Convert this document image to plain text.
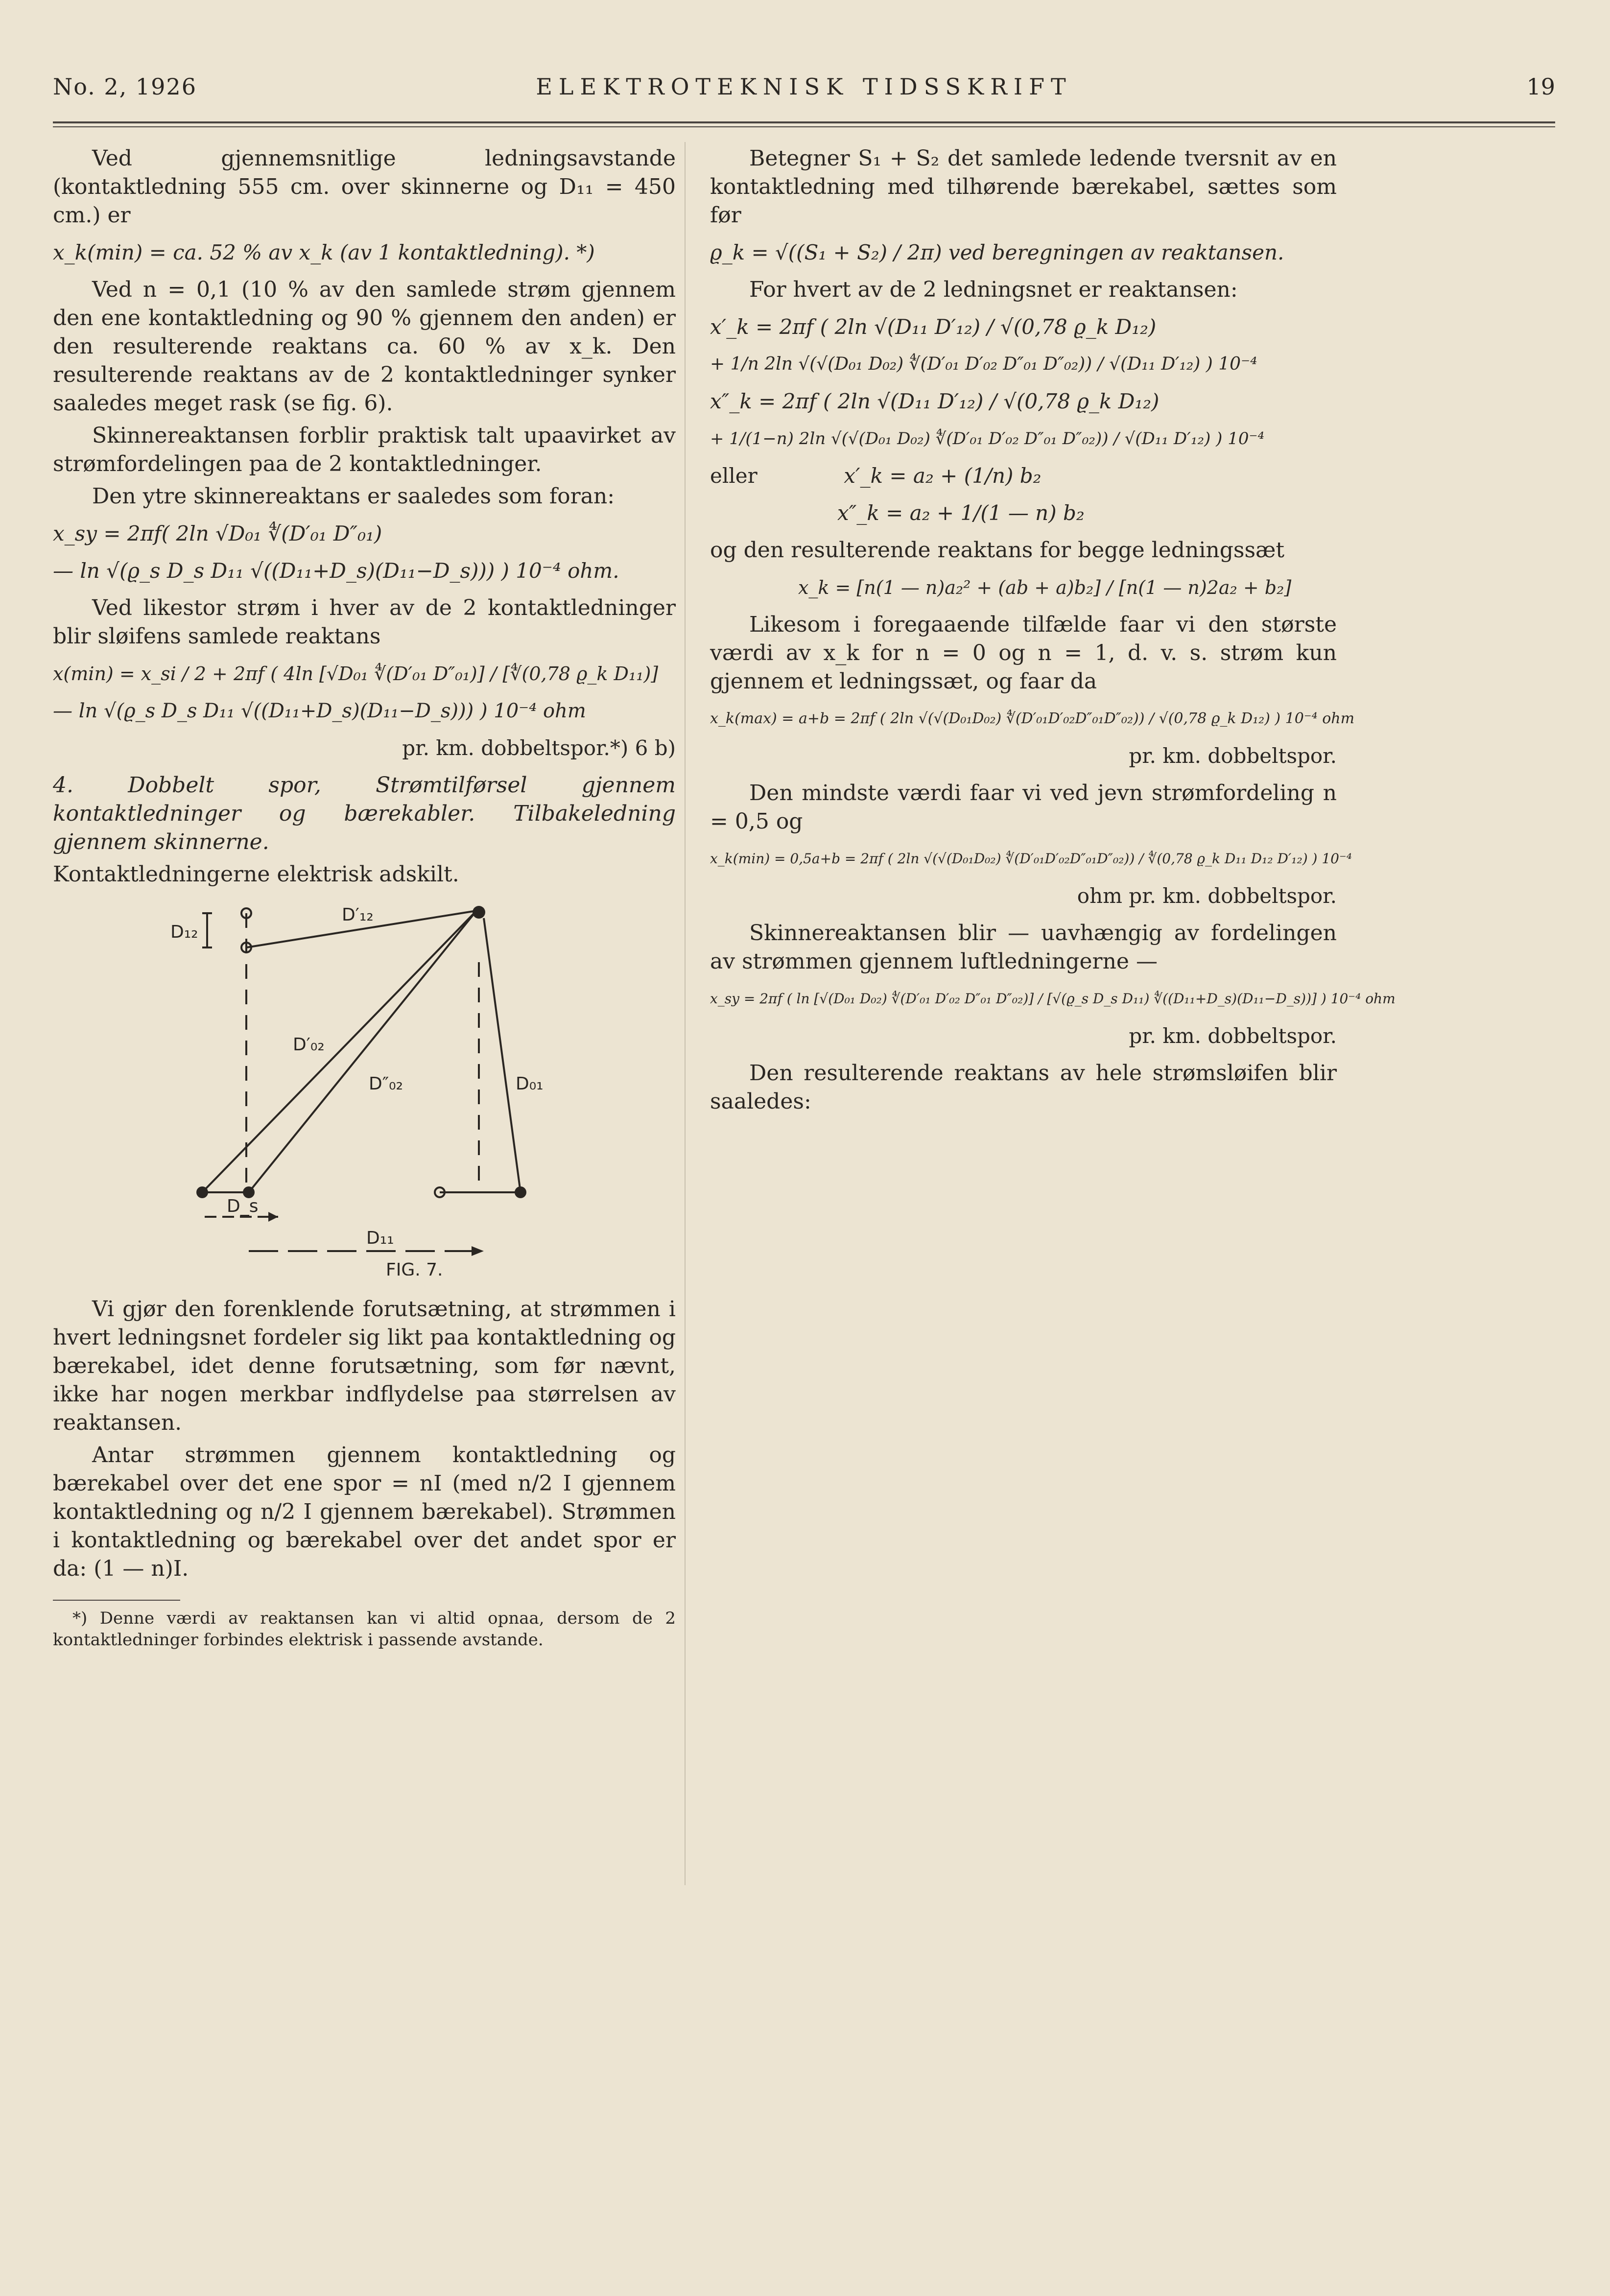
No. 2, 1926	ELEKTROTEKNISK TIDSSKRIFT	19

Ved gjennemsnitlige ledningsavstande (kontaktledning 555 cm. over skinnerne og D₁₁ = 450 cm.) er

x_k(min) = ca. 52 % av x_k (av 1 kontaktledning). *)

Ved n = 0,1 (10 % av den samlede strøm gjennem den ene kontaktledning og 90 % gjennem den anden) er den resulterende reaktans ca. 60 % av x_k. Den resulterende reaktans av de 2 kontaktledninger synker saaledes meget rask (se fig. 6).

Skinnereaktansen forblir praktisk talt upaavirket av strømfordelingen paa de 2 kontaktledninger.

Den ytre skinnereaktans er saaledes som foran:

x_sy = 2πf( 2ln √D₀₁ ∜(D′₀₁ D″₀₁)
— ln √(ϱ_s D_s D₁₁ √((D₁₁+D_s)(D₁₁−D_s))) ) 10⁻⁴ ohm.

Ved likestor strøm i hver av de 2 kontaktledninger blir sløifens samlede reaktans

x(min) = x_si / 2 + 2πf ( 4ln [√D₀₁ ∜(D′₀₁ D″₀₁)] / [∜(0,78 ϱ_k D₁₁)]
— ln √(ϱ_s D_s D₁₁ √((D₁₁+D_s)(D₁₁−D_s))) ) 10⁻⁴ ohm
pr. km. dobbeltspor.*) 6 b)

4. Dobbelt spor, Strømtilførsel gjennem kontaktledninger og bærekabler. Tilbakeledning gjennem skinnerne.

Kontaktledningerne elektrisk adskilt.

D₁₂
D′₁₂
D′₀₂
D″₀₂	D₀₁
D_s
D₁₁
FIG. 7.

Vi gjør den forenklende forutsætning, at strømmen i hvert ledningsnet fordeler sig likt paa kontaktledning og bærekabel, idet denne forutsætning, som før nævnt, ikke har nogen merkbar indflydelse paa størrelsen av reaktansen.

Antar strømmen gjennem kontaktledning og bærekabel over det ene spor = nI (med n/2 I gjennem kontaktledning og n/2 I gjennem bærekabel). Strømmen i kontaktledning og bærekabel over det andet spor er da: (1 — n)I.

*) Denne værdi av reaktansen kan vi altid opnaa, dersom de 2 kontaktledninger forbindes elektrisk i passende avstande.

Betegner S₁ + S₂ det samlede ledende tversnit av en kontaktledning med tilhørende bærekabel, sættes som før

ϱ_k = √((S₁ + S₂) / 2π) ved beregningen av reaktansen.

For hvert av de 2 ledningsnet er reaktansen:

x′_k = 2πf ( 2ln √(D₁₁ D′₁₂) / √(0,78 ϱ_k D₁₂)
+ 1/n 2ln √(√(D₀₁ D₀₂) ∜(D′₀₁ D′₀₂ D″₀₁ D″₀₂)) / √(D₁₁ D′₁₂) ) 10⁻⁴
x″_k = 2πf ( 2ln √(D₁₁ D′₁₂) / √(0,78 ϱ_k D₁₂)
+ 1/(1−n) 2ln √(√(D₀₁ D₀₂) ∜(D′₀₁ D′₀₂ D″₀₁ D″₀₂)) / √(D₁₁ D′₁₂) ) 10⁻⁴
eller	x′_k = a₂ + (1/n) b₂
x″_k = a₂ + 1/(1 — n) b₂

og den resulterende reaktans for begge ledningssæt

x_k = [n(1 — n)a₂² + (ab + a)b₂] / [n(1 — n)2a₂ + b₂]

Likesom i foregaaende tilfælde faar vi den største værdi av x_k for n = 0 og n = 1, d. v. s. strøm kun gjennem et ledningssæt, og faar da

x_k(max) = a+b = 2πf ( 2ln √(√(D₀₁D₀₂) ∜(D′₀₁D′₀₂D″₀₁D″₀₂)) / √(0,78 ϱ_k D₁₂) ) 10⁻⁴ ohm
pr. km. dobbeltspor.

Den mindste værdi faar vi ved jevn strømfordeling n = 0,5 og

x_k(min) = 0,5a+b = 2πf ( 2ln √(√(D₀₁D₀₂) ∜(D′₀₁D′₀₂D″₀₁D″₀₂)) / ∜(0,78 ϱ_k D₁₁ D₁₂ D′₁₂) ) 10⁻⁴
ohm pr. km. dobbeltspor.

Skinnereaktansen blir — uavhængig av fordelingen av strømmen gjennem luftledningerne —

x_sy = 2πf ( ln [√(D₀₁ D₀₂) ∜(D′₀₁ D′₀₂ D″₀₁ D″₀₂)] / [√(ϱ_s D_s D₁₁) ∜((D₁₁+D_s)(D₁₁−D_s))] ) 10⁻⁴ ohm
pr. km. dobbeltspor.

Den resulterende reaktans av hele strømsløifen blir saaledes:
